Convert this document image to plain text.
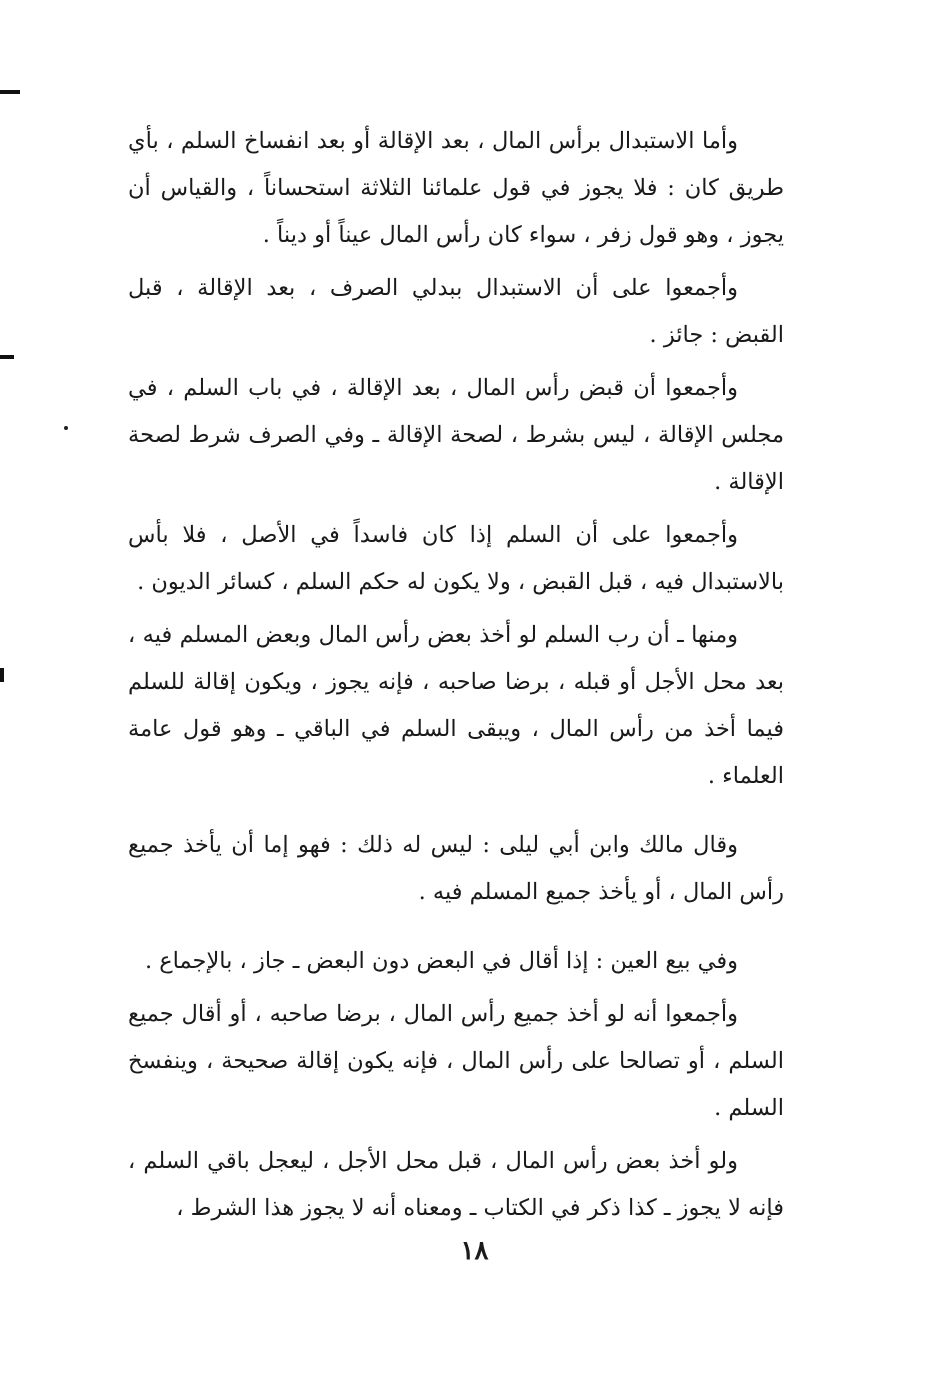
وأما الاستبدال برأس المال ، بعد الإقالة أو بعد انفساخ السلم ، بأي طريق كان : فلا يجوز في قول علمائنا الثلاثة استحساناً ، والقياس أن يجوز ، وهو قول زفر ، سواء كان رأس المال عيناً أو ديناً .

وأجمعوا على أن الاستبدال ببدلي الصرف ، بعد الإقالة ، قبل القبض : جائز .

وأجمعوا أن قبض رأس المال ، بعد الإقالة ، في باب السلم ، في مجلس الإقالة ، ليس بشرط ، لصحة الإقالة ـ وفي الصرف شرط لصحة الإقالة .

وأجمعوا على أن السلم إذا كان فاسداً في الأصل ، فلا بأس بالاستبدال فيه ، قبل القبض ، ولا يكون له حكم السلم ، كسائر الديون .

ومنها ـ أن رب السلم لو أخذ بعض رأس المال وبعض المسلم فيه ، بعد محل الأجل أو قبله ، برضا صاحبه ، فإنه يجوز ، ويكون إقالة للسلم فيما أخذ من رأس المال ، ويبقى السلم في الباقي ـ وهو قول عامة العلماء .

وقال مالك وابن أبي ليلى : ليس له ذلك : فهو إما أن يأخذ جميع رأس المال ، أو يأخذ جميع المسلم فيه .

وفي بيع العين : إذا أقال في البعض دون البعض ـ جاز ، بالإجماع .

وأجمعوا أنه لو أخذ جميع رأس المال ، برضا صاحبه ، أو أقال جميع السلم ، أو تصالحا على رأس المال ، فإنه يكون إقالة صحيحة ، وينفسخ السلم .

ولو أخذ بعض رأس المال ، قبل محل الأجل ، ليعجل باقي السلم ، فإنه لا يجوز ـ كذا ذكر في الكتاب ـ ومعناه أنه لا يجوز هذا الشرط ،

١٨
